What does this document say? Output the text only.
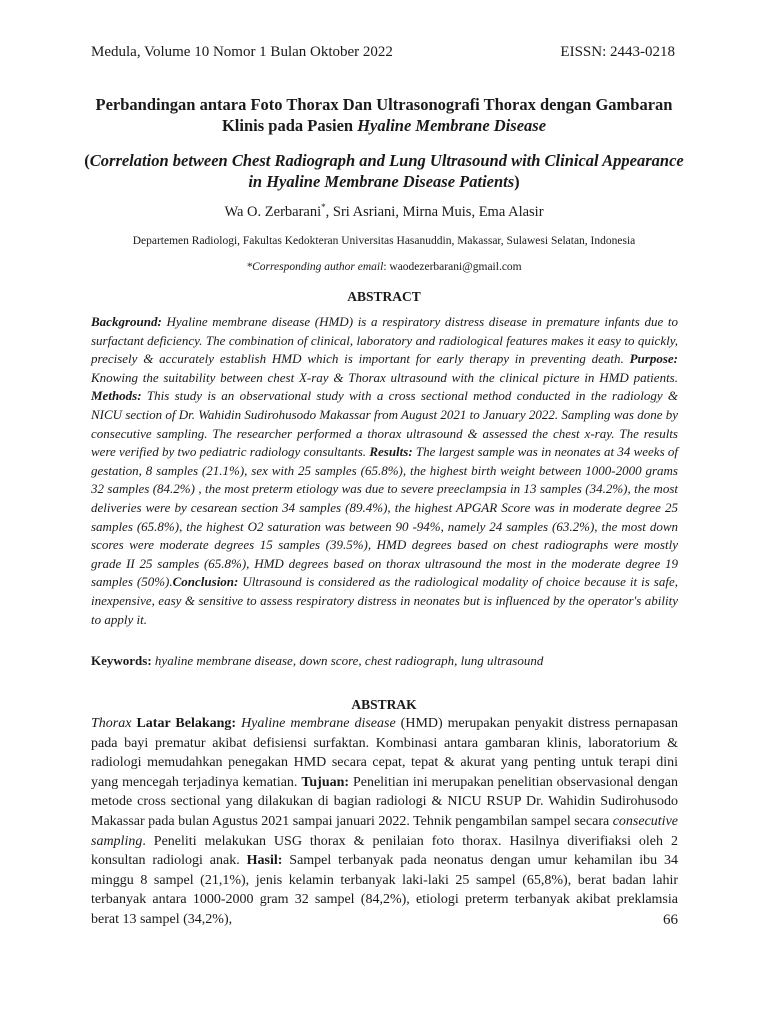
Medula, Volume 10 Nomor 1 Bulan Oktober 2022	EISSN: 2443-0218
Perbandingan antara Foto Thorax Dan Ultrasonografi Thorax dengan Gambaran Klinis pada Pasien Hyaline Membrane Disease
(Correlation between Chest Radiograph and Lung Ultrasound with Clinical Appearance in Hyaline Membrane Disease Patients)
Wa O. Zerbarani*, Sri Asriani, Mirna Muis, Ema Alasir
Departemen Radiologi, Fakultas Kedokteran Universitas Hasanuddin, Makassar, Sulawesi Selatan, Indonesia
*Corresponding author email: waodezerbarani@gmail.com
ABSTRACT
Background: Hyaline membrane disease (HMD) is a respiratory distress disease in premature infants due to surfactant deficiency. The combination of clinical, laboratory and radiological features makes it easy to quickly, precisely & accurately establish HMD which is important for early therapy in preventing death. Purpose: Knowing the suitability between chest X-ray & Thorax ultrasound with the clinical picture in HMD patients. Methods: This study is an observational study with a cross sectional method conducted in the radiology & NICU section of Dr. Wahidin Sudirohusodo Makassar from August 2021 to January 2022. Sampling was done by consecutive sampling. The researcher performed a thorax ultrasound & assessed the chest x-ray. The results were verified by two pediatric radiology consultants. Results: The largest sample was in neonates at 34 weeks of gestation, 8 samples (21.1%), sex with 25 samples (65.8%), the highest birth weight between 1000-2000 grams 32 samples (84.2%) , the most preterm etiology was due to severe preeclampsia in 13 samples (34.2%), the most deliveries were by cesarean section 34 samples (89.4%), the highest APGAR Score was in moderate degree 25 samples (65.8%), the highest O2 saturation was between 90 -94%, namely 24 samples (63.2%), the most down scores were moderate degrees 15 samples (39.5%), HMD degrees based on chest radiographs were mostly grade II 25 samples (65.8%), HMD degrees based on thorax ultrasound the most in the moderate degree 19 samples (50%).Conclusion: Ultrasound is considered as the radiological modality of choice because it is safe, inexpensive, easy & sensitive to assess respiratory distress in neonates but is influenced by the operator's ability to apply it.
Keywords: hyaline membrane disease, down score, chest radiograph, lung ultrasound
ABSTRAK
Thorax Latar Belakang: Hyaline membrane disease (HMD) merupakan penyakit distress pernapasan pada bayi prematur akibat defisiensi surfaktan. Kombinasi antara gambaran klinis, laboratorium & radiologi memudahkan penegakan HMD secara cepat, tepat & akurat yang penting untuk terapi dini yang mencegah terjadinya kematian. Tujuan: Penelitian ini merupakan penelitian observasional dengan metode cross sectional yang dilakukan di bagian radiologi & NICU RSUP Dr. Wahidin Sudirohusodo Makassar pada bulan Agustus 2021 sampai januari 2022. Tehnik pengambilan sampel secara consecutive sampling. Peneliti melakukan USG thorax & penilaian foto thorax. Hasilnya diverifiaksi oleh 2 konsultan radiologi anak. Hasil: Sampel terbanyak pada neonatus dengan umur kehamilan ibu 34 minggu 8 sampel (21,1%), jenis kelamin terbanyak laki-laki 25 sampel (65,8%), berat badan lahir terbanyak antara 1000-2000 gram 32 sampel (84,2%), etiologi preterm terbanyak akibat preklamsia berat 13 sampel (34,2%),	66
